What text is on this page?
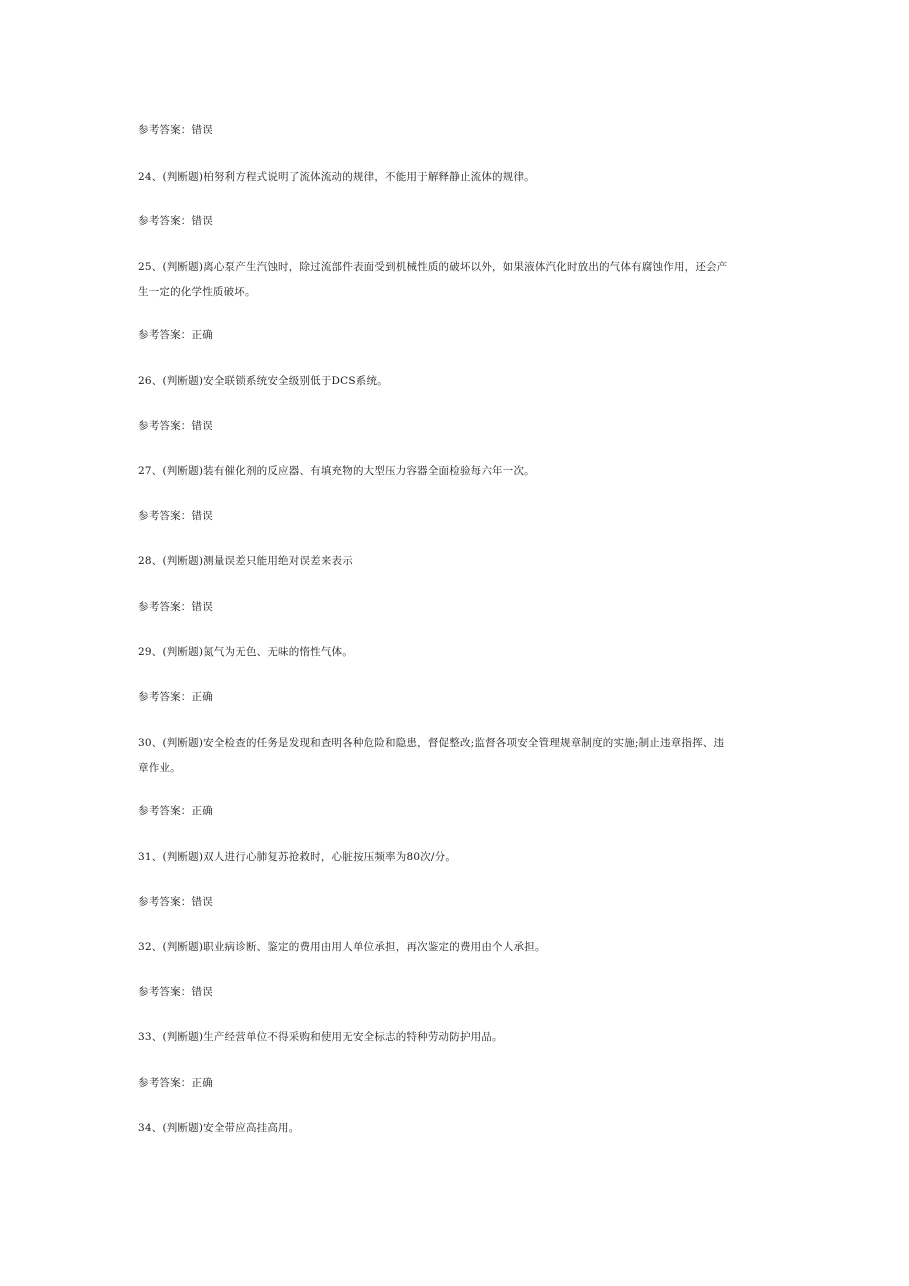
参考答案：错误
24、(判断题)柏努利方程式说明了流体流动的规律，不能用于解释静止流体的规律。
参考答案：错误
25、(判断题)离心泵产生汽蚀时，除过流部件表面受到机械性质的破坏以外，如果液体汽化时放出的气体有腐蚀作用，还会产
生一定的化学性质破坏。
参考答案：正确
26、(判断题)安全联锁系统安全级别低于DCS系统。
参考答案：错误
27、(判断题)装有催化剂的反应器、有填充物的大型压力容器全面检验每六年一次。
参考答案：错误
28、(判断题)测量误差只能用绝对误差来表示
参考答案：错误
29、(判断题)氮气为无色、无味的惰性气体。
参考答案：正确
30、(判断题)安全检查的任务是发现和查明各种危险和隐患，督促整改;监督各项安全管理规章制度的实施;制止违章指挥、违
章作业。
参考答案：正确
31、(判断题)双人进行心肺复苏抢救时，心脏按压频率为80次/分。
参考答案：错误
32、(判断题)职业病诊断、鉴定的费用由用人单位承担，再次鉴定的费用由个人承担。
参考答案：错误
33、(判断题)生产经营单位不得采购和使用无安全标志的特种劳动防护用品。
参考答案：正确
34、(判断题)安全带应高挂高用。
